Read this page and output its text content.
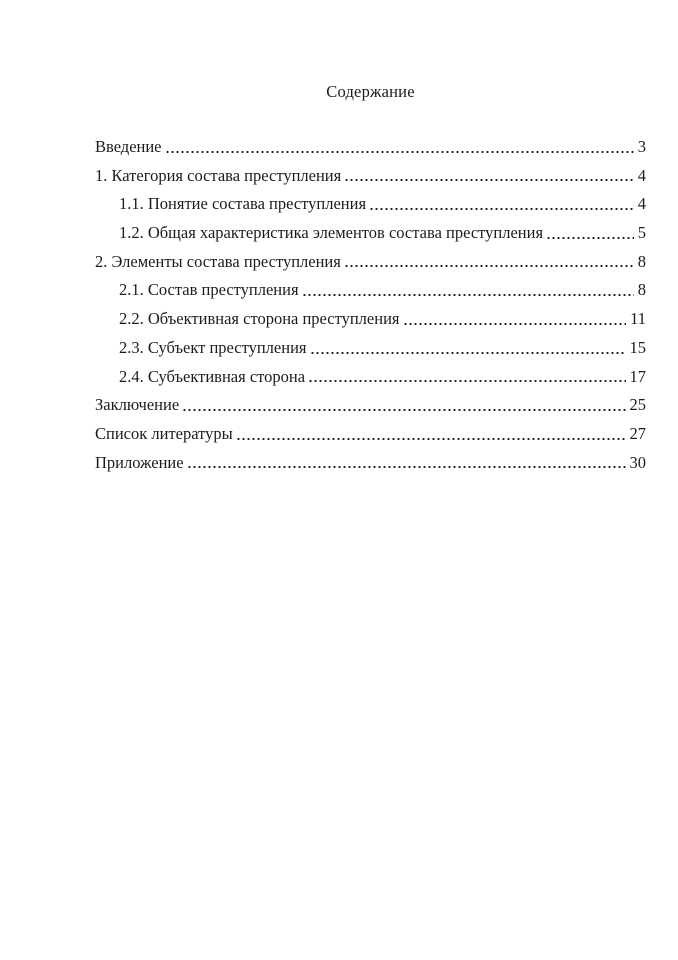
Содержание
Введение	3
1. Категория состава преступления	4
1.1. Понятие состава преступления	4
1.2. Общая характеристика элементов состава преступления	5
2. Элементы состава преступления	8
2.1. Состав преступления	8
2.2. Объективная сторона преступления	11
2.3. Субъект преступления	15
2.4. Субъективная сторона	17
Заключение	25
Список литературы	27
Приложение	30
